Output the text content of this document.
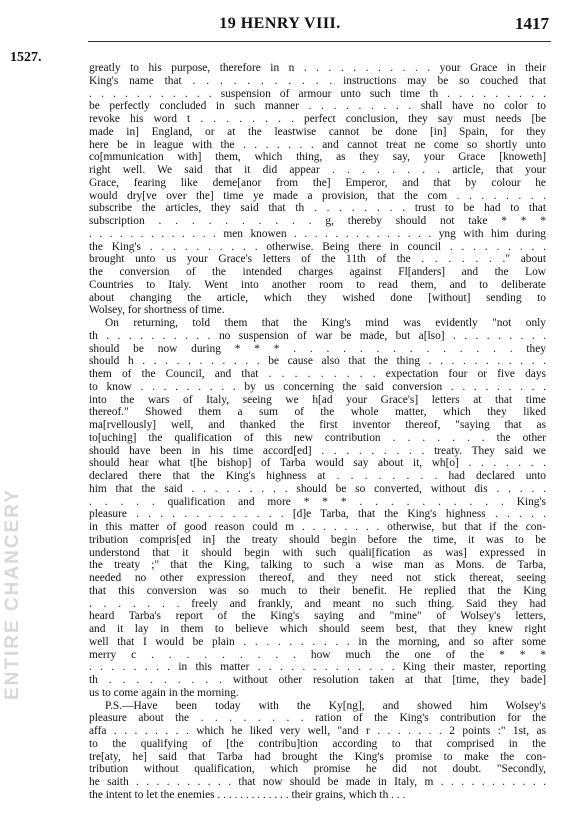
19 HENRY VIII.	1417
1527.
ENTIRE CHANCERY
greatly to his purpose, therefore in n . . . . . . . . . . . your Grace in their
King's name that . . . . . . . . . . . instructions may be so couched that
. . . . . . . . . . . suspension of armour unto such time th . . . . . . . . .
be perfectly concluded in such manner . . . . . . . . . shall have no color to
revoke his word t . . . . . . . . perfect conclusion, they say must needs [be
made in] England, or at the leastwise cannot be done [in] Spain, for they
here be in league with the . . . . . . . and cannot treat ne come so shortly unto
co[mmunication with] them, which thing, as they say, your Grace [knoweth]
right well. We said that it did appear . . . . . . . . article, that your
Grace, fearing like deme[anor from the] Emperor, and that by colour he
would dry[ve over the] time ye made a provision, that the com . . . . . . . .
subscribe the articles, they said that th . . . . . . . . trust to be had to that
subscription . . . . . . . . . . g, thereby should not take * * *
. . . . . . . . . . . . . men knowen . . . . . . . . . . . . . . yng with him during
the King's . . . . . . . . . . otherwise. Being there in council . . . . . . . . .
brought unto us your Grace's letters of the 11th of the . . . . . . ." about
the conversion of the intended charges against Fl[anders] and the Low
Countries to Italy. Went into another room to read them, and to deliberate
about changing the article, which they wished done [without] sending to
Wolsey, for shortness of time.
On returning, told them that the King's mind was evidently "not only
th . . . . . . . . . . no suspension of war be made, but a[lso] . . . . . . . . .
should be now during * * * . . . . . . . . . . . . . . they
should h . . . . . . . . . . . be cause also that the thing . . . . . . . . . . .
them of the Council, and that . . . . . . . . . expectation four or five days
to know . . . . . . . . . by us concerning the said conversion . . . . . . . . .
into the wars of Italy, seeing we h[ad your Grace's] letters at that time
thereof." Showed them a sum of the whole matter, which they liked
ma[rvellously] well, and thanked the first inventor thereof, "saying that as
to[uching] the qualification of this new contribution . . . . . . . the other
should have been in his time accord[ed] . . . . . . . . . treaty. They said we
should hear what t[he bishop] of Tarba would say about it, wh[o] . . . . . . .
declared there that the King's highness at . . . . . . . . had declared unto
him that the said . . . . . . . . . should be so converted, without dis . . . . .
. . . . . qualification and more * * * . . . . . . . . . . King's
pleasure . . . . . . . . . . . . . [d]e Tarba, that the King's highness . . . . .
in this matter of good reason could m . . . . . . . . otherwise, but that if the con-
tribution compris[ed in] the treaty should begin before the time, it was to be
understond that it should begin with such quali[fication as was] expressed in
the treaty ;" that the King, talking to such a wise man as Mons. de Tarba,
needed no other expression thereof, and they need not stick thereat, seeing
that this conversion was so much to their benefit. He replied that the King
. . . . . . . freely and frankly, and meant no such thing. Said they had
heard Tarba's report of the King's saying and "mine" of Wolsey's letters,
and it lay in them to believe which should seem best, that they knew right
well that I would be plain . . . . . . . . . . in the morning, and so after some
merry c . . . . . . . . . how much the one of the * * *
. . . . . . . . in this matter . . . . . . . . . . . . . King their master, reporting
th . . . . . . . . . without other resolution taken at that [time, they bade]
us to come again in the morning.
P.S.—Have been today with the Ky[ng], and showed him Wolsey's
pleasure about the . . . . . . . . ration of the King's contribution for the
affa . . . . . . . . which he liked very well, "and r . . . . . . . 2 points :" 1st, as
to the qualifying of [the contribu]tion according to that comprised in the
tre[aty, he] said that Tarba had brought the King's promise to make the con-
tribution without qualification, which promise he did not doubt. "Secondly,
he saith . . . . . . . . . . that now should be made in Italy, m . . . . . . . . . . .
the intent to let the enemies . . . . . . . . . . . . . their grains, which th . . .
